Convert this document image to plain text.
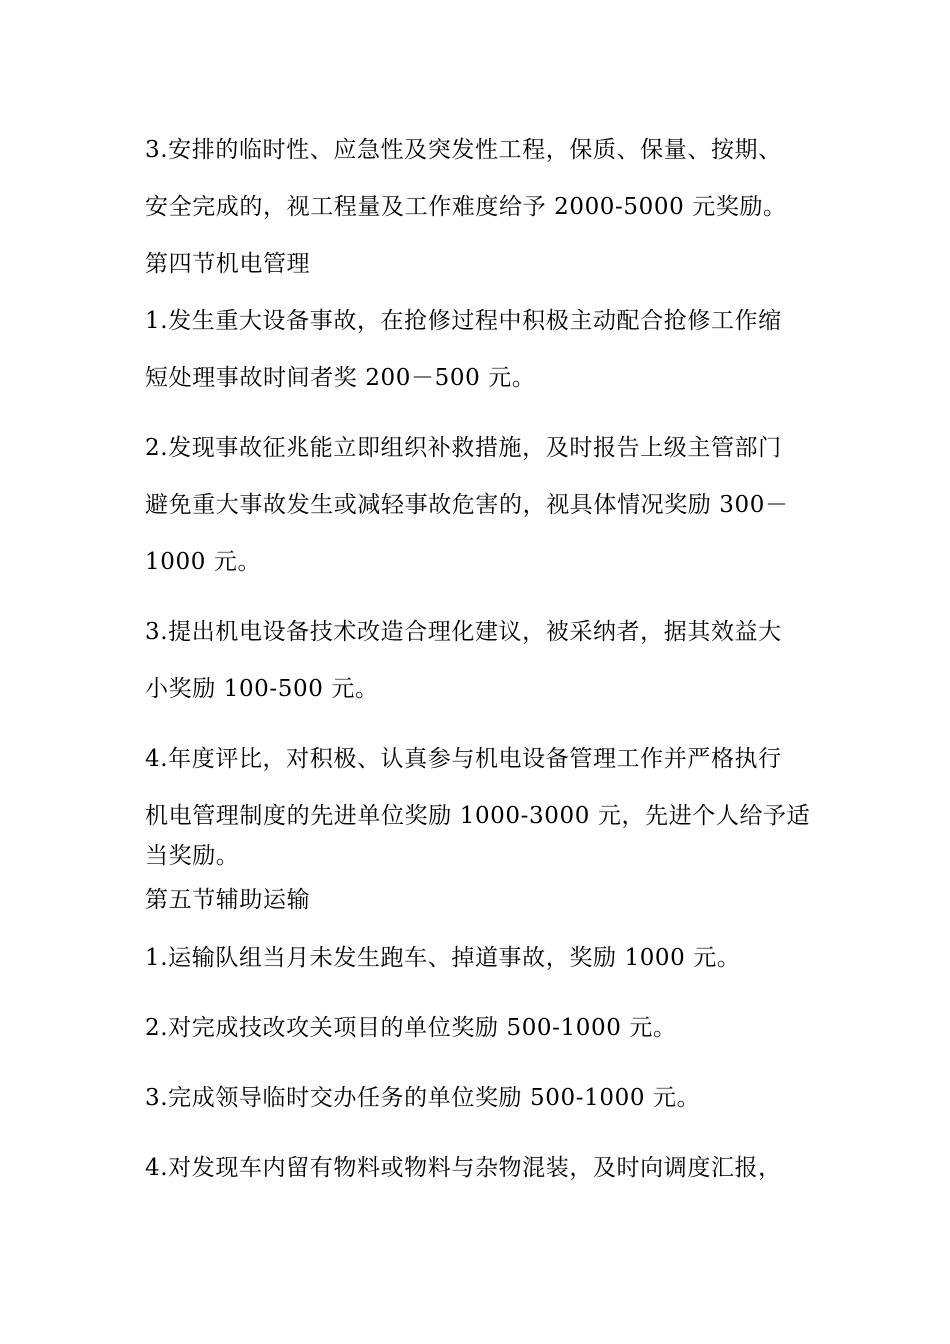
3.安排的临时性、应急性及突发性工程，保质、保量、按期、
安全完成的，视工程量及工作难度给予 2000-5000 元奖励。
第四节机电管理
1.发生重大设备事故，在抢修过程中积极主动配合抢修工作缩
短处理事故时间者奖 200－500 元。
2.发现事故征兆能立即组织补救措施，及时报告上级主管部门
避免重大事故发生或减轻事故危害的，视具体情况奖励 300－
1000 元。
3.提出机电设备技术改造合理化建议，被采纳者，据其效益大
小奖励 100-500 元。
4.年度评比，对积极、认真参与机电设备管理工作并严格执行
机电管理制度的先进单位奖励 1000-3000 元，先进个人给予适
当奖励。
第五节辅助运输
1.运输队组当月未发生跑车、掉道事故，奖励 1000 元。
2.对完成技改攻关项目的单位奖励 500-1000 元。
3.完成领导临时交办任务的单位奖励 500-1000 元。
4.对发现车内留有物料或物料与杂物混装，及时向调度汇报，
